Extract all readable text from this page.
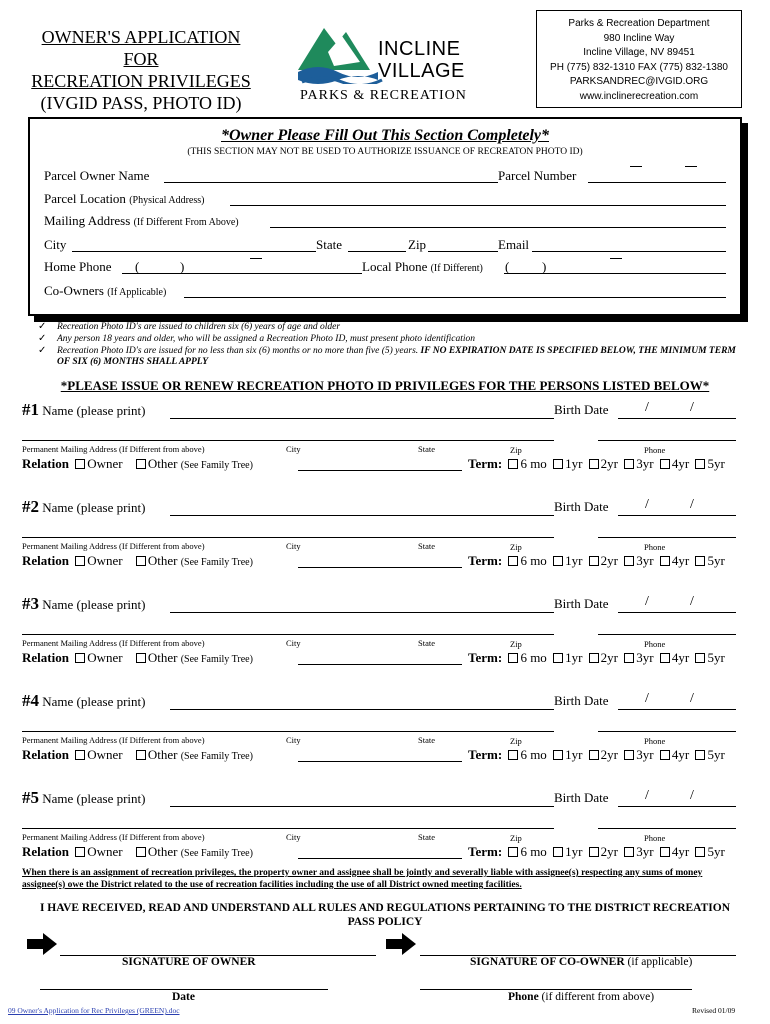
OWNER'S APPLICATION
FOR
RECREATION PRIVILEGES
(IVGID PASS, PHOTO ID)
INCLINE
VILLAGE
PARKS & RECREATION
Parks & Recreation Department
980 Incline Way
Incline Village, NV 89451
PH (775) 832-1310 FAX (775) 832-1380
PARKSANDREC@IVGID.ORG
www.inclinerecreation.com
*Owner Please Fill Out This Section Completely*
(THIS SECTION MAY NOT BE USED TO AUTHORIZE ISSUANCE OF RECREATON PHOTO ID)
Parcel Owner Name	Parcel Number
Parcel Location (Physical Address)
Mailing Address (If Different From Above)
City	State	Zip	Email
Home Phone (	)	Local Phone (If Different) (	)
Co-Owners (If Applicable)
✓ Recreation Photo ID's are issued to children six (6) years of age and older
✓ Any person 18 years and older, who will be assigned a Recreation Photo ID, must present photo identification
✓ Recreation Photo ID's are issued for no less than six (6) months or no more than five (5) years. IF NO EXPIRATION DATE IS SPECIFIED BELOW, THE MINIMUM TERM OF SIX (6) MONTHS SHALL APPLY
*PLEASE ISSUE OR RENEW RECREATION PHOTO ID PRIVILEGES FOR THE PERSONS LISTED BELOW*
#1 Name (please print)	Birth Date	/	/
Permanent Mailing Address (If Different from above)	City	State	Zip	Phone
Relation Owner Other (See Family Tree)	Term: 6 mo 1yr 2yr 3yr 4yr 5yr
#2 Name (please print)	Birth Date	/	/
Permanent Mailing Address (If Different from above)	City	State	Zip	Phone
Relation Owner Other (See Family Tree)	Term: 6 mo 1yr 2yr 3yr 4yr 5yr
#3 Name (please print)	Birth Date	/	/
Permanent Mailing Address (If Different from above)	City	State	Zip	Phone
Relation Owner Other (See Family Tree)	Term: 6 mo 1yr 2yr 3yr 4yr 5yr
#4 Name (please print)	Birth Date	/	/
Permanent Mailing Address (If Different from above)	City	State	Zip	Phone
Relation Owner Other (See Family Tree)	Term: 6 mo 1yr 2yr 3yr 4yr 5yr
#5 Name (please print)	Birth Date	/	/
Permanent Mailing Address (If Different from above)	City	State	Zip	Phone
Relation Owner Other (See Family Tree)	Term: 6 mo 1yr 2yr 3yr 4yr 5yr
When there is an assignment of recreation privileges, the property owner and assignee shall be jointly and severally liable with assignee(s) respecting any sums of money assignee(s) owe the District related to the use of recreation facilities including the use of all District owned meeting facilities.
I HAVE RECEIVED, READ AND UNDERSTAND ALL RULES AND REGULATIONS PERTAINING TO THE DISTRICT RECREATION PASS POLICY
SIGNATURE OF OWNER	SIGNATURE OF CO-OWNER (if applicable)
Date	Phone (if different from above)
09 Owner's Application for Rec Privileges (GREEN).doc	Revised 01/09
